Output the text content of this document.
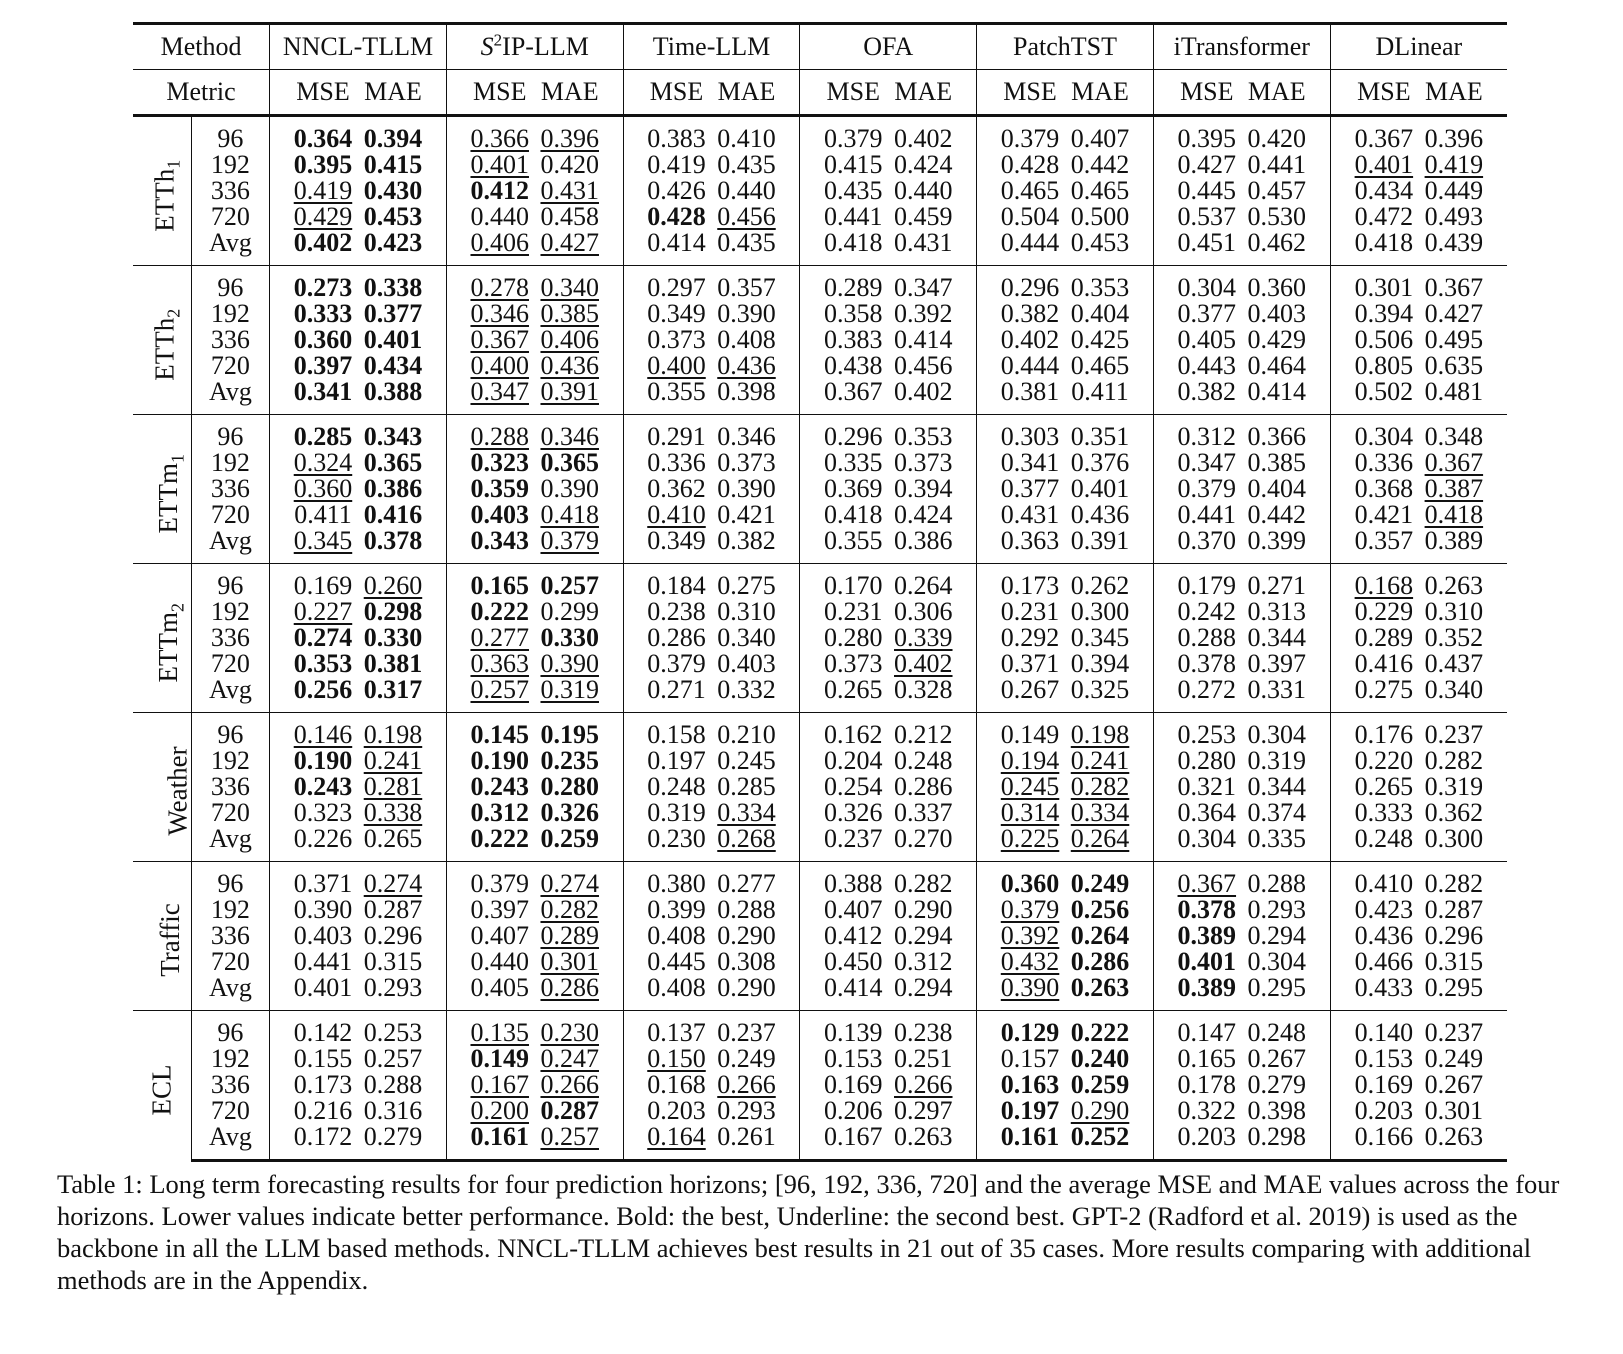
Method		NNCL-TLLM	$S^2IP$-LLM	Time-LLM	OFA	PatchTST	iTransformer	DLinear
Metric		MSE MAE	MSE MAE	MSE MAE	MSE MAE	MSE MAE	MSE MAE	MSE MAE
ETTh$_1$	96	0.364 0.394	0.366 0.396	0.383 0.410	0.379 0.402	0.379 0.407	0.395 0.420	0.367 0.396
	192	0.395 0.415	0.401 0.420	0.419 0.435	0.415 0.424	0.428 0.442	0.427 0.441	0.401 0.419
	336	0.419 0.430	0.412 0.431	0.426 0.440	0.435 0.440	0.465 0.465	0.445 0.457	0.434 0.449
	720	0.429 0.453	0.440 0.458	0.428 0.456	0.441 0.459	0.504 0.500	0.537 0.530	0.472 0.493
	Avg	0.402 0.423	0.406 0.427	0.414 0.435	0.418 0.431	0.444 0.453	0.451 0.462	0.418 0.439
ETTh$_2$	96	0.273 0.338	0.278 0.340	0.297 0.357	0.289 0.347	0.296 0.353	0.304 0.360	0.301 0.367
	192	0.333 0.377	0.346 0.385	0.349 0.390	0.358 0.392	0.382 0.404	0.377 0.403	0.394 0.427
	336	0.360 0.401	0.367 0.406	0.373 0.408	0.383 0.414	0.402 0.425	0.405 0.429	0.506 0.495
	720	0.397 0.434	0.400 0.436	0.400 0.436	0.438 0.456	0.444 0.465	0.443 0.464	0.805 0.635
	Avg	0.341 0.388	0.347 0.391	0.355 0.398	0.367 0.402	0.381 0.411	0.382 0.414	0.502 0.481
ETTm$_1$	96	0.285 0.343	0.288 0.346	0.291 0.346	0.296 0.353	0.303 0.351	0.312 0.366	0.304 0.348
	192	0.324 0.365	0.323 0.365	0.336 0.373	0.335 0.373	0.341 0.376	0.347 0.385	0.336 0.367
	336	0.360 0.386	0.359 0.390	0.362 0.390	0.369 0.394	0.377 0.401	0.379 0.404	0.368 0.387
	720	0.411 0.416	0.403 0.418	0.410 0.421	0.418 0.424	0.431 0.436	0.441 0.442	0.421 0.418
	Avg	0.345 0.378	0.343 0.379	0.349 0.382	0.355 0.386	0.363 0.391	0.370 0.399	0.357 0.389
ETTm$_2$	96	0.169 0.260	0.165 0.257	0.184 0.275	0.170 0.264	0.173 0.262	0.179 0.271	0.168 0.263
	192	0.227 0.298	0.222 0.299	0.238 0.310	0.231 0.306	0.231 0.300	0.242 0.313	0.229 0.310
	336	0.274 0.330	0.277 0.330	0.286 0.340	0.280 0.339	0.292 0.345	0.288 0.344	0.289 0.352
	720	0.353 0.381	0.363 0.390	0.379 0.403	0.373 0.402	0.371 0.394	0.378 0.397	0.416 0.437
	Avg	0.256 0.317	0.257 0.319	0.271 0.332	0.265 0.328	0.267 0.325	0.272 0.331	0.275 0.340
Weather	96	0.146 0.198	0.145 0.195	0.158 0.210	0.162 0.212	0.149 0.198	0.253 0.304	0.176 0.237
	192	0.190 0.241	0.190 0.235	0.197 0.245	0.204 0.248	0.194 0.241	0.280 0.319	0.220 0.282
	336	0.243 0.281	0.243 0.280	0.248 0.285	0.254 0.286	0.245 0.282	0.321 0.344	0.265 0.319
	720	0.323 0.338	0.312 0.326	0.319 0.334	0.326 0.337	0.314 0.334	0.364 0.374	0.333 0.362
	Avg	0.226 0.265	0.222 0.259	0.230 0.268	0.237 0.270	0.225 0.264	0.304 0.335	0.248 0.300
Traffic	96	0.371 0.274	0.379 0.274	0.380 0.277	0.388 0.282	0.360 0.249	0.367 0.288	0.410 0.282
	192	0.390 0.287	0.397 0.282	0.399 0.288	0.407 0.290	0.379 0.256	0.378 0.293	0.423 0.287
	336	0.403 0.296	0.407 0.289	0.408 0.290	0.412 0.294	0.392 0.264	0.389 0.294	0.436 0.296
	720	0.441 0.315	0.440 0.301	0.445 0.308	0.450 0.312	0.432 0.286	0.401 0.304	0.466 0.315
	Avg	0.401 0.293	0.405 0.286	0.408 0.290	0.414 0.294	0.390 0.263	0.389 0.295	0.433 0.295
ECL	96	0.142 0.253	0.135 0.230	0.137 0.237	0.139 0.238	0.129 0.222	0.147 0.248	0.140 0.237
	192	0.155 0.257	0.149 0.247	0.150 0.249	0.153 0.251	0.157 0.240	0.165 0.267	0.153 0.249
	336	0.173 0.288	0.167 0.266	0.168 0.266	0.169 0.266	0.163 0.259	0.178 0.279	0.169 0.267
	720	0.216 0.316	0.200 0.287	0.203 0.293	0.206 0.297	0.197 0.290	0.322 0.398	0.203 0.301
	Avg	0.172 0.279	0.161 0.257	0.164 0.261	0.167 0.263	0.161 0.252	0.203 0.298	0.166 0.263
Table 1: Long term forecasting results for four prediction horizons; [96, 192, 336, 720] and the average MSE and MAE values across the four horizons. Lower values indicate better performance. Bold: the best, Underline: the second best. GPT-2 (Radford et al. 2019) is used as the backbone in all the LLM based methods. NNCL-TLLM achieves best results in 21 out of 35 cases. More results comparing with additional methods are in the Appendix.
